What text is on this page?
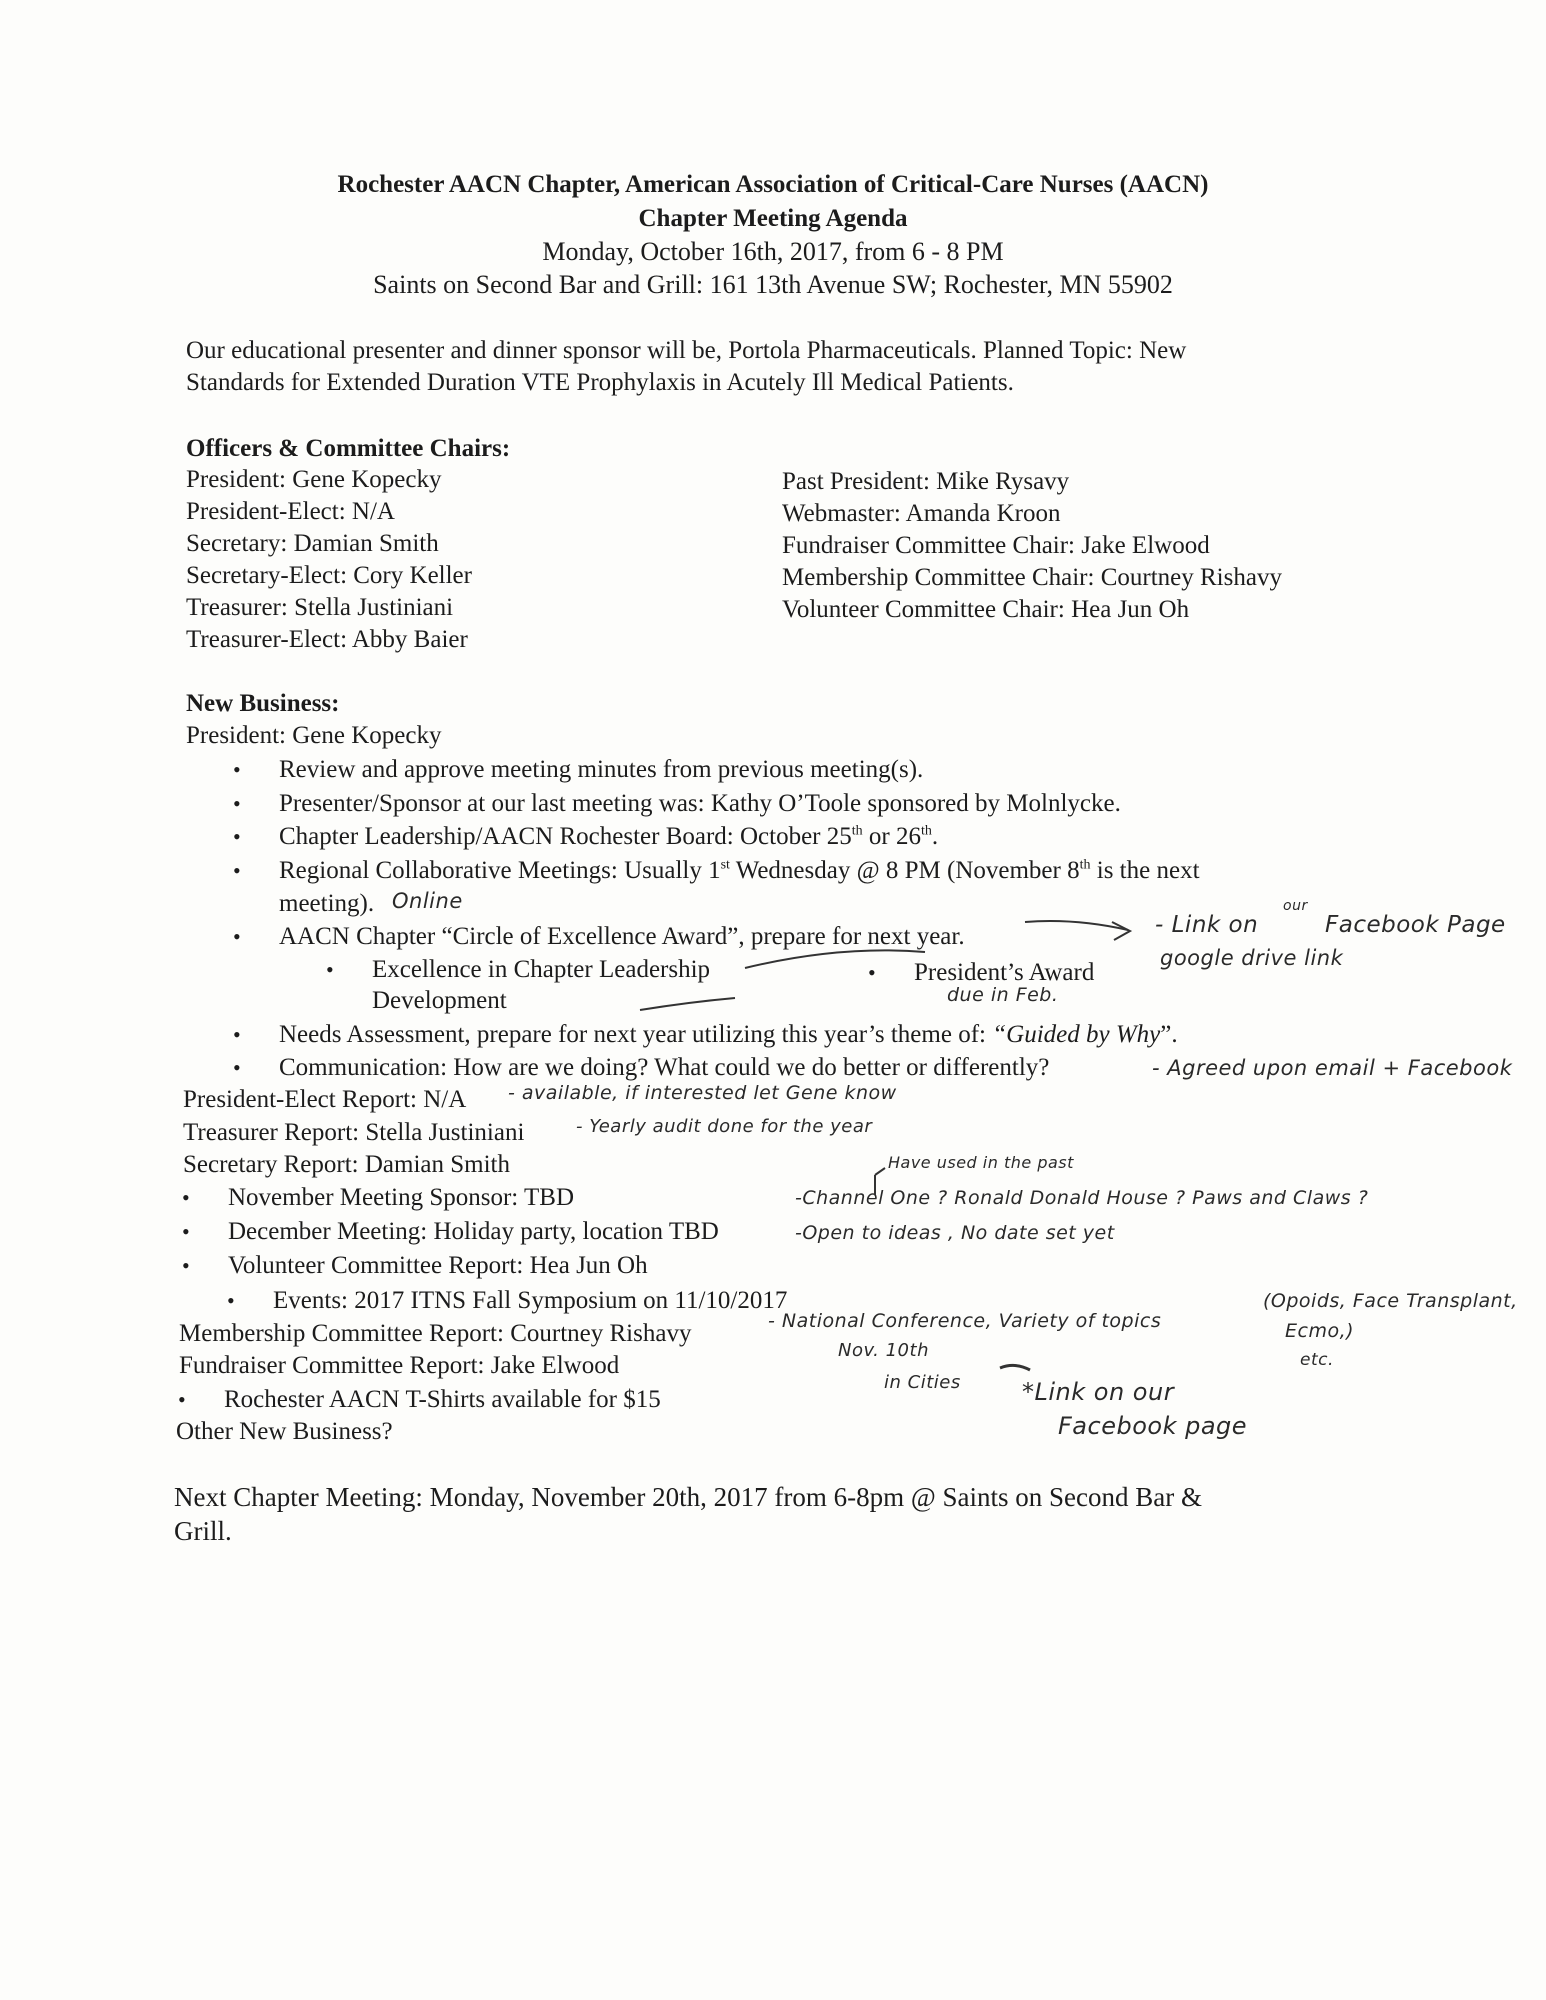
Rochester AACN Chapter, American Association of Critical-Care Nurses (AACN)
Chapter Meeting Agenda
Monday, October 16th, 2017, from 6 - 8 PM
Saints on Second Bar and Grill: 161 13th Avenue SW; Rochester, MN 55902
Our educational presenter and dinner sponsor will be, Portola Pharmaceuticals. Planned Topic: New
Standards for Extended Duration VTE Prophylaxis in Acutely Ill Medical Patients.
Officers & Committee Chairs:
President: Gene Kopecky
President-Elect: N/A
Secretary: Damian Smith
Secretary-Elect: Cory Keller
Treasurer: Stella Justiniani
Treasurer-Elect: Abby Baier
Past President: Mike Rysavy
Webmaster: Amanda Kroon
Fundraiser Committee Chair: Jake Elwood
Membership Committee Chair: Courtney Rishavy
Volunteer Committee Chair: Hea Jun Oh
New Business:
President: Gene Kopecky
• Review and approve meeting minutes from previous meeting(s).
• Presenter/Sponsor at our last meeting was: Kathy O’Toole sponsored by Molnlycke.
• Chapter Leadership/AACN Rochester Board: October 25th or 26th.
• Regional Collaborative Meetings: Usually 1st Wednesday @ 8 PM (November 8th is the next
meeting).
• AACN Chapter “Circle of Excellence Award”, prepare for next year.
• Excellence in Chapter Leadership
Development
• President’s Award
• Needs Assessment, prepare for next year utilizing this year’s theme of: “Guided by Why”.
• Communication: How are we doing? What could we do better or differently?
President-Elect Report: N/A
Treasurer Report: Stella Justiniani
Secretary Report: Damian Smith
• November Meeting Sponsor: TBD
• December Meeting: Holiday party, location TBD
• Volunteer Committee Report: Hea Jun Oh
• Events: 2017 ITNS Fall Symposium on 11/10/2017
Membership Committee Report: Courtney Rishavy
Fundraiser Committee Report: Jake Elwood
• Rochester AACN T-Shirts available for $15
Other New Business?
Next Chapter Meeting: Monday, November 20th, 2017 from 6-8pm @ Saints on Second Bar &
Grill.
Online
- Link on
our
Facebook Page
google drive link
due in Feb.
- Agreed upon email + Facebook
- available, if interested let Gene know
- Yearly audit done for the year
Have used in the past
-Channel One ? Ronald Donald House ? Paws and Claws ?
-Open to ideas , No date set yet
- National Conference, Variety of topics
(Opoids, Face Transplant,
Ecmo,)
etc.
Nov. 10th
in Cities	*Link on our
Facebook page
